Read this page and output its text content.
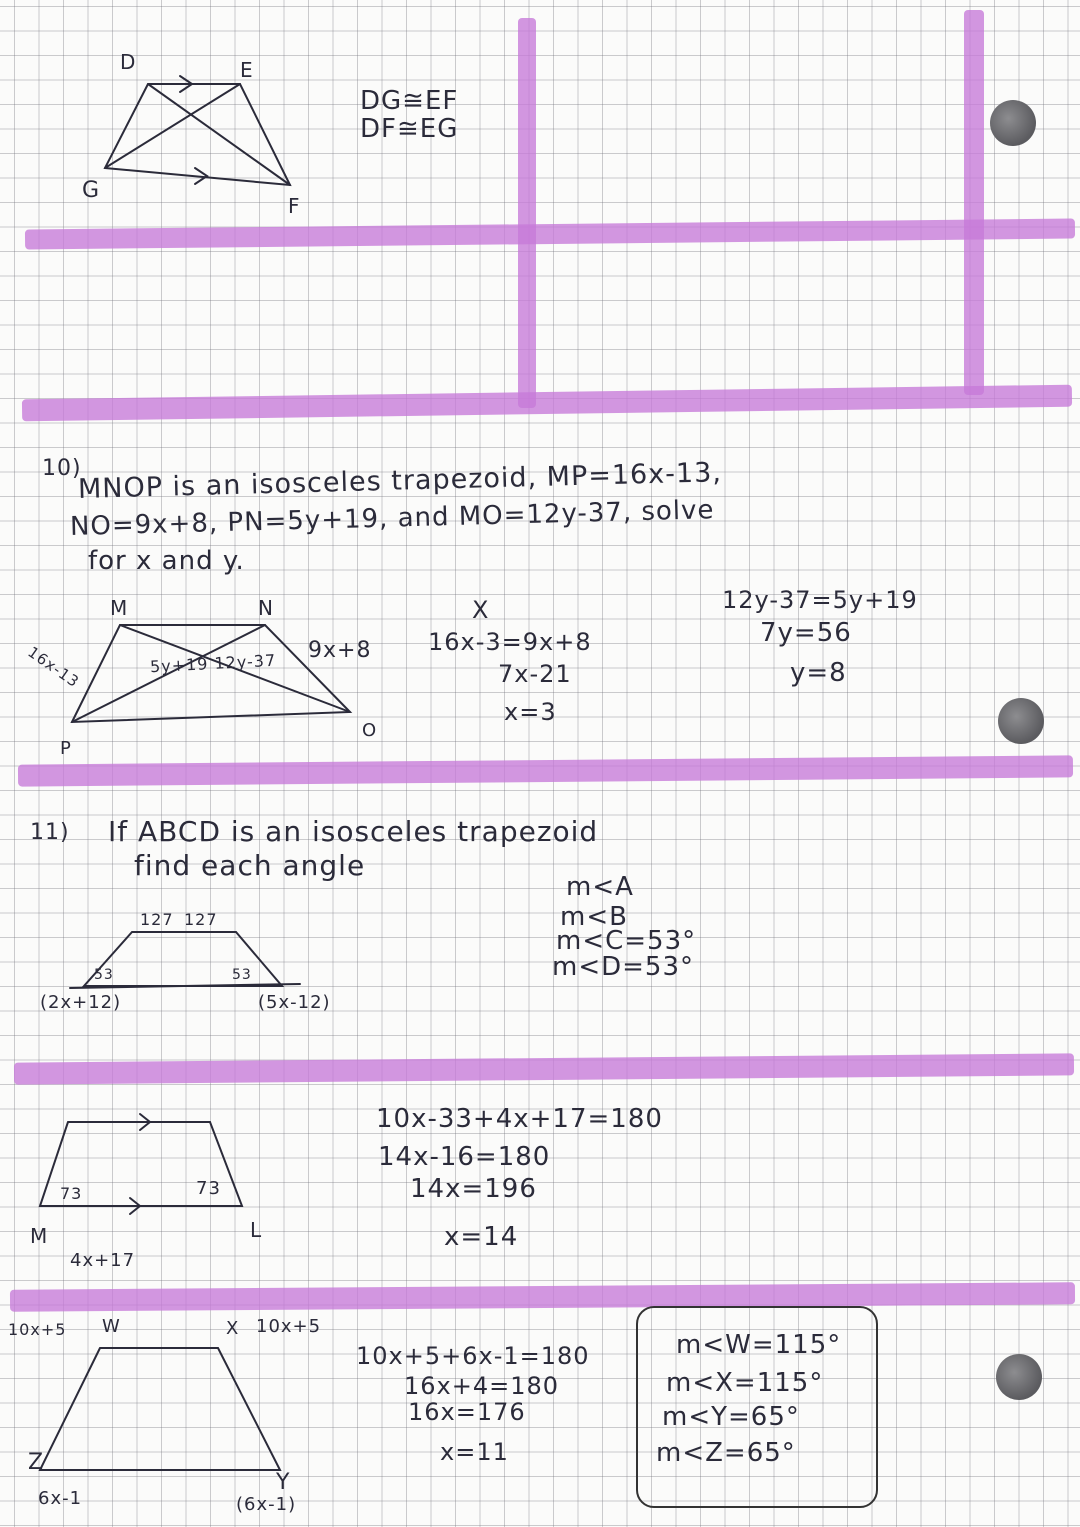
D	E
G
F
DG≅EF
DF≅EG
10)
MNOP is an isosceles trapezoid, MP=16x-13,
NO=9x+8, PN=5y+19, and MO=12y-37, solve
for x and y.
M	N
P
O
16x-13	9x+8
5y+19 12y-37
X
16x-3=9x+8
7x-21
x=3
12y-37=5y+19
7y=56
y=8
11) If ABCD is an isosceles trapezoid
find each angle
127 127
53	53
(2x+12)	(5x-12)
m<A
m<B
m<C=53°
m<D=53°
73	73
M	L
4x+17
10x-33+4x+17=180
14x-16=180
14x=196
x=14
10x+5 W	X 10x+5
Z
Y
6x-1	(6x-1)
10x+5+6x-1=180
16x+4=180
16x=176
x=11
m<W=115°
m<X=115°
m<Y=65°
m<Z=65°
